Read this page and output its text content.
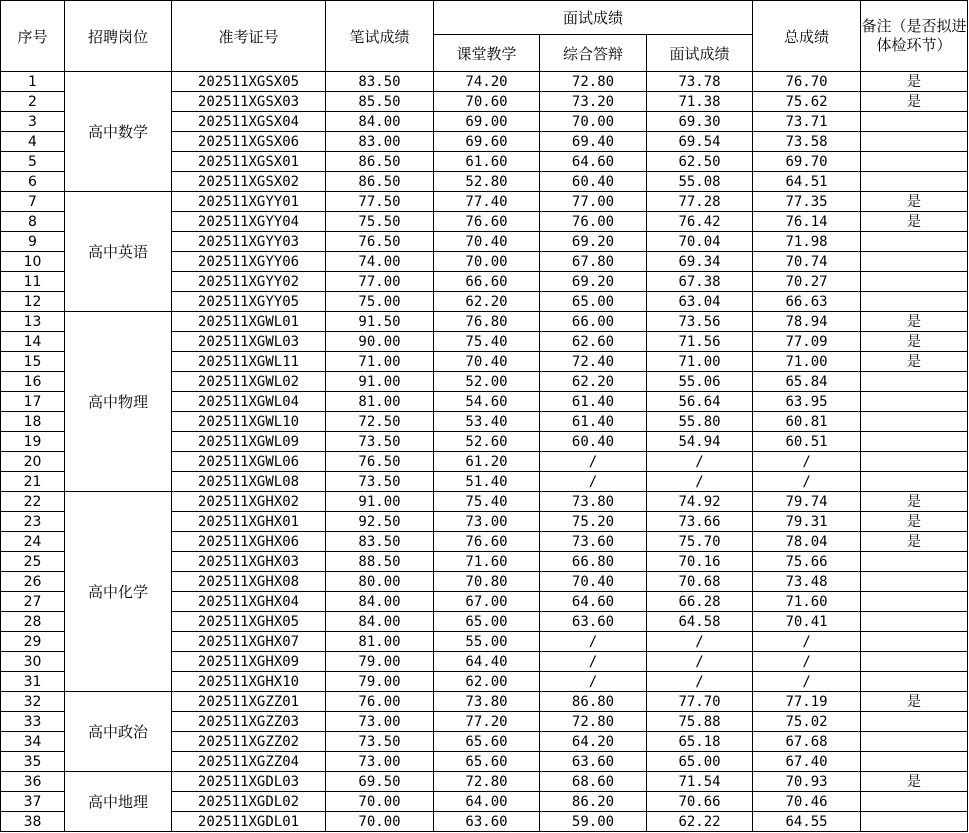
序号	招聘岗位	准考证号	笔试成绩	面试成绩			总成绩	备注（是否拟进体检环节）
				课堂教学	综合答辩	面试成绩		
1	高中数学	202511XGSX05	83.50	74.20	72.80	73.78	76.70	是
2		202511XGSX03	85.50	70.60	73.20	71.38	75.62	是
3		202511XGSX04	84.00	69.00	70.00	69.30	73.71	
4		202511XGSX06	83.00	69.60	69.40	69.54	73.58	
5		202511XGSX01	86.50	61.60	64.60	62.50	69.70	
6		202511XGSX02	86.50	52.80	60.40	55.08	64.51	
7	高中英语	202511XGYY01	77.50	77.40	77.00	77.28	77.35	是
8		202511XGYY04	75.50	76.60	76.00	76.42	76.14	是
9		202511XGYY03	76.50	70.40	69.20	70.04	71.98	
10		202511XGYY06	74.00	70.00	67.80	69.34	70.74	
11		202511XGYY02	77.00	66.60	69.20	67.38	70.27	
12		202511XGYY05	75.00	62.20	65.00	63.04	66.63	
13	高中物理	202511XGWL01	91.50	76.80	66.00	73.56	78.94	是
14		202511XGWL03	90.00	75.40	62.60	71.56	77.09	是
15		202511XGWL11	71.00	70.40	72.40	71.00	71.00	是
16		202511XGWL02	91.00	52.00	62.20	55.06	65.84	
17		202511XGWL04	81.00	54.60	61.40	56.64	63.95	
18		202511XGWL10	72.50	53.40	61.40	55.80	60.81	
19		202511XGWL09	73.50	52.60	60.40	54.94	60.51	
20		202511XGWL06	76.50	61.20	/	/	/	
21		202511XGWL08	73.50	51.40	/	/	/	
22	高中化学	202511XGHX02	91.00	75.40	73.80	74.92	79.74	是
23		202511XGHX01	92.50	73.00	75.20	73.66	79.31	是
24		202511XGHX06	83.50	76.60	73.60	75.70	78.04	是
25		202511XGHX03	88.50	71.60	66.80	70.16	75.66	
26		202511XGHX08	80.00	70.80	70.40	70.68	73.48	
27		202511XGHX04	84.00	67.00	64.60	66.28	71.60	
28		202511XGHX05	84.00	65.00	63.60	64.58	70.41	
29		202511XGHX07	81.00	55.00	/	/	/	
30		202511XGHX09	79.00	64.40	/	/	/	
31		202511XGHX10	79.00	62.00	/	/	/	
32	高中政治	202511XGZZ01	76.00	73.80	86.80	77.70	77.19	是
33		202511XGZZ03	73.00	77.20	72.80	75.88	75.02	
34		202511XGZZ02	73.50	65.60	64.20	65.18	67.68	
35		202511XGZZ04	73.00	65.60	63.60	65.00	67.40	
36	高中地理	202511XGDL03	69.50	72.80	68.60	71.54	70.93	是
37		202511XGDL02	70.00	64.00	86.20	70.66	70.46	
38		202511XGDL01	70.00	63.60	59.00	62.22	64.55	
